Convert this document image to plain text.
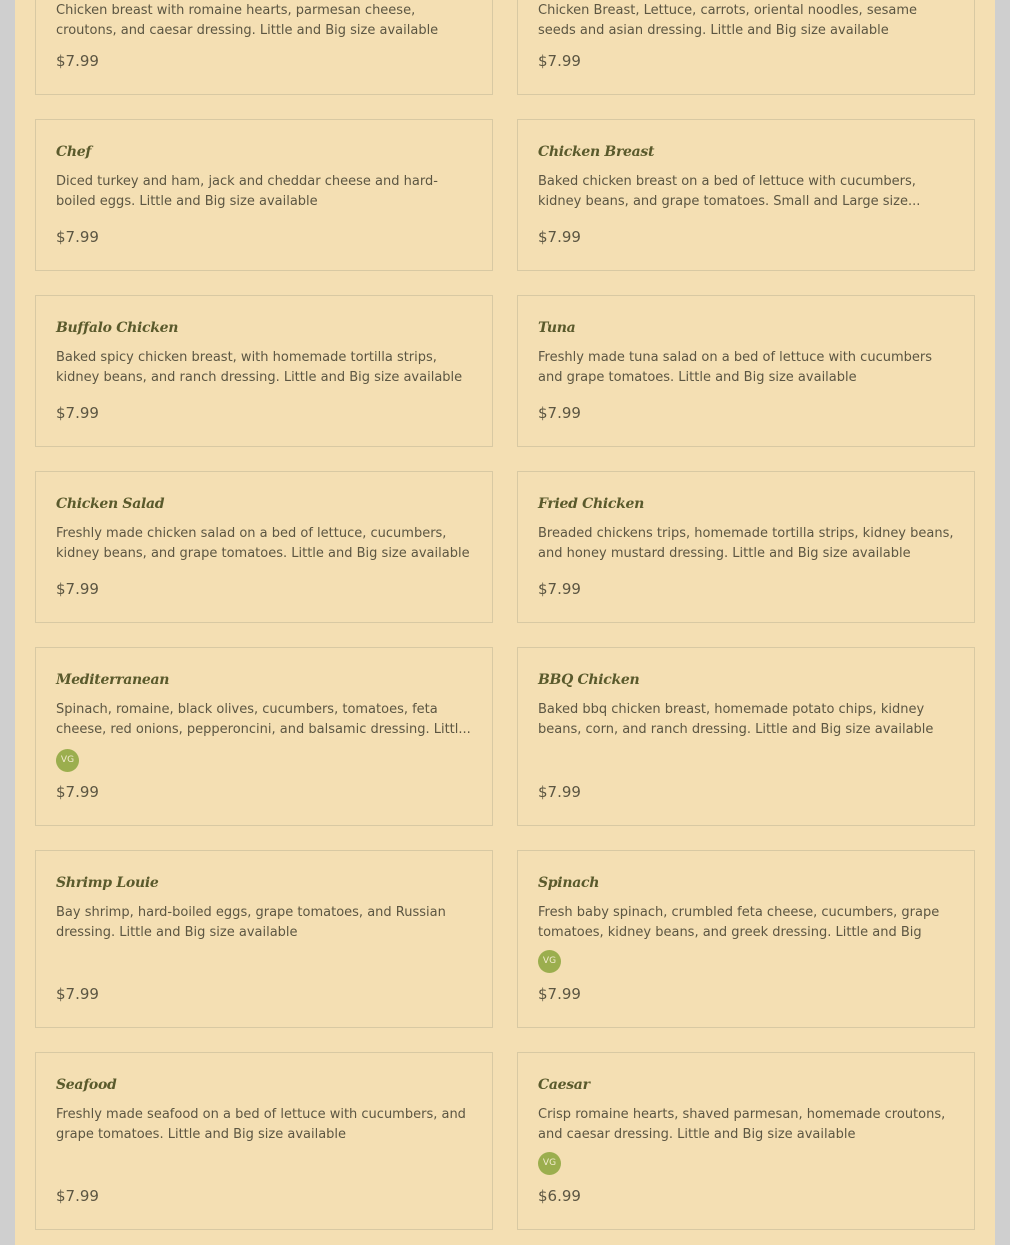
Chicken breast with romaine hearts, parmesan cheese, croutons, and caesar dressing. Little and Big size available

$7.99

Chicken Breast, Lettuce, carrots, oriental noodles, sesame seeds and asian dressing. Little and Big size available

$7.99

Chef

Diced turkey and ham, jack and cheddar cheese and hard-boiled eggs. Little and Big size available

$7.99

Chicken Breast

Baked chicken breast on a bed of lettuce with cucumbers, kidney beans, and grape tomatoes. Small and Large size...

$7.99

Buffalo Chicken

Baked spicy chicken breast, with homemade tortilla strips, kidney beans, and ranch dressing. Little and Big size available

$7.99

Tuna

Freshly made tuna salad on a bed of lettuce with cucumbers and grape tomatoes. Little and Big size available

$7.99

Chicken Salad

Freshly made chicken salad on a bed of lettuce, cucumbers, kidney beans, and grape tomatoes. Little and Big size available

$7.99

Fried Chicken

Breaded chickens trips, homemade tortilla strips, kidney beans, and honey mustard dressing. Little and Big size available

$7.99

Mediterranean

Spinach, romaine, black olives, cucumbers, tomatoes, feta cheese, red onions, pepperoncini, and balsamic dressing. Littl...

VG

$7.99

BBQ Chicken

Baked bbq chicken breast, homemade potato chips, kidney beans, corn, and ranch dressing. Little and Big size available

$7.99

Shrimp Louie

Bay shrimp, hard-boiled eggs, grape tomatoes, and Russian dressing. Little and Big size available

$7.99

Spinach

Fresh baby spinach, crumbled feta cheese, cucumbers, grape tomatoes, kidney beans, and greek dressing. Little and Big

VG

$7.99

Seafood

Freshly made seafood on a bed of lettuce with cucumbers, and grape tomatoes. Little and Big size available

$7.99

Caesar

Crisp romaine hearts, shaved parmesan, homemade croutons, and caesar dressing. Little and Big size available

VG

$6.99
